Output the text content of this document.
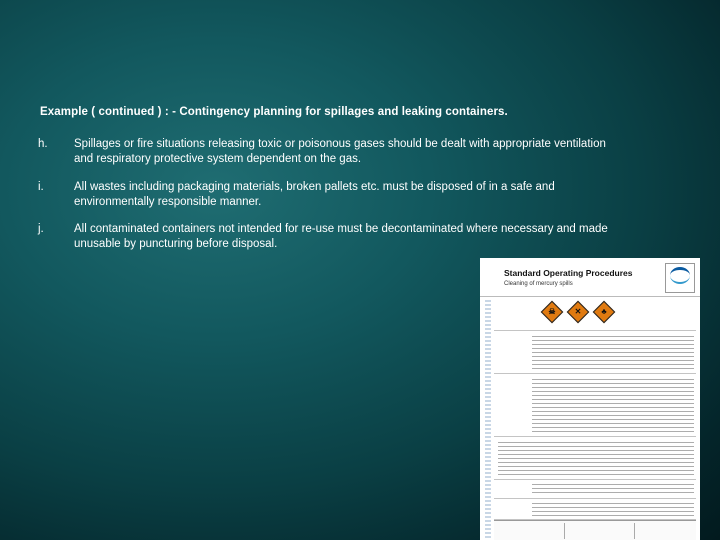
Example ( continued ) : - Contingency planning for spillages and leaking containers.
h. Spillages or fire situations releasing toxic or poisonous gases should be dealt with appropriate ventilation and respiratory protective system dependent on the gas.
i.	All wastes including packaging materials, broken pallets etc. must be disposed of in a safe and environmentally responsible manner.
j.	All contaminated containers not intended for re-use must be decontaminated where necessary and made unusable by puncturing before disposal.
Standard Operating Procedures
Cleaning of mercury spills
☠	✕	♣
